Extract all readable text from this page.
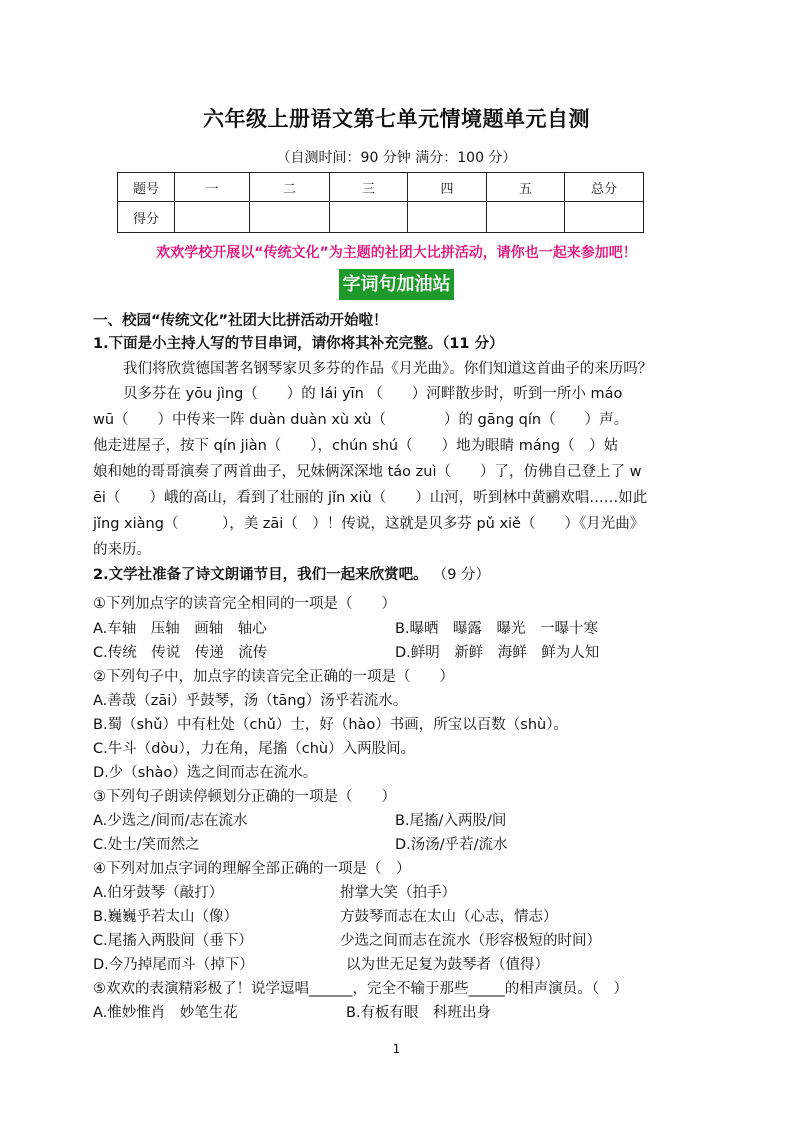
六年级上册语文第七单元情境题单元自测
（自测时间：90 分钟 满分：100 分）
题号	一	二	三	四	五	总分
得分						
欢欢学校开展以“传统文化”为主题的社团大比拼活动，请你也一起来参加吧！
字词句加油站
一、校园“传统文化”社团大比拼活动开始啦！
1.下面是小主持人写的节目串词，请你将其补充完整。（11 分）
我们将欣赏德国著名钢琴家贝多芬的作品《月光曲》。你们知道这首曲子的来历吗？
贝多芬在 yōu jìng（　　）的 lái yīn （　　）河畔散步时，听到一所小 máo
wū（　　）中传来一阵 duàn duàn xù xù（　　　　）的 gāng qín（　　）声。
他走进屋子，按下 qín jiàn（　　），chún shú（　　）地为眼睛 máng（　）姑
娘和她的哥哥演奏了两首曲子，兄妹俩深深地 táo zuì（　　）了，仿佛自己登上了 w
ēi（　　）峨的高山，看到了壮丽的 jǐn xiù（　　）山河，听到林中黄鹂欢唱……如此
jǐng xiàng（　　　），美 zāi（　）！传说，这就是贝多芬 pǔ xiě（　　）《月光曲》
的来历。
2.文学社准备了诗文朗诵节目，我们一起来欣赏吧。 （9 分）
①下列加点字的读音完全相同的一项是（　　）
A.车轴　压轴　画轴　轴心	B.曝晒　曝露　曝光　一曝十寒
C.传统　传说　传递　流传	D.鲜明　新鲜　海鲜　鲜为人知
②下列句子中，加点字的读音完全正确的一项是（　　）
A.善哉（zāi）乎鼓琴，汤（tāng）汤乎若流水。
B.蜀（shǔ）中有杜处（chǔ）士，好（hào）书画，所宝以百数（shù）。
C.牛斗（dòu），力在角，尾搐（chù）入两股间。
D.少（shào）选之间而志在流水。
③下列句子朗读停顿划分正确的一项是（　　）
A.少选之/间而/志在流水	B.尾搐/入两股/间
C.处士/笑而然之	D.汤汤/乎若/流水
④下列对加点字词的理解全部正确的一项是（　）
A.伯牙鼓琴（敲打）	拊掌大笑（拍手）
B.巍巍乎若太山（像）	方鼓琴而志在太山（心志，情志）
C.尾搐入两股间（垂下）	少选之间而志在流水（形容极短的时间）
D.今乃掉尾而斗（掉下）	以为世无足复为鼓琴者（值得）
⑤欢欢的表演精彩极了！说学逗唱______，完全不输于那些_____的相声演员。（　）
A.惟妙惟肖　妙笔生花	B.有板有眼　科班出身
1
